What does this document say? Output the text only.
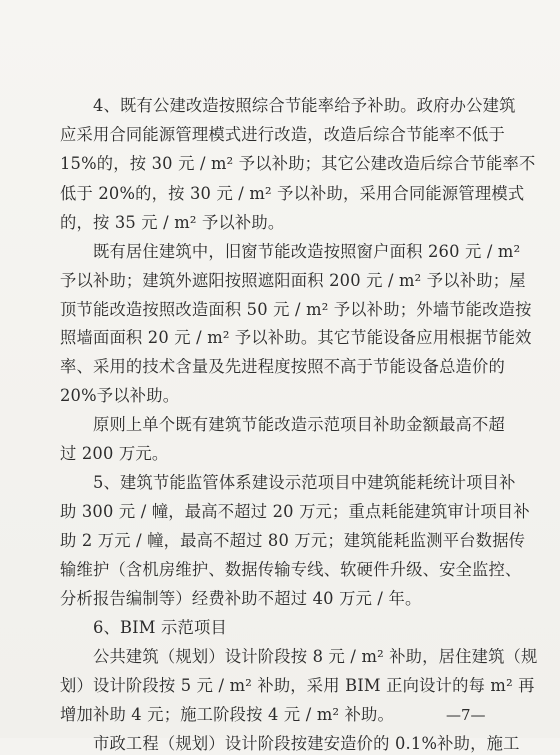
　　4、既有公建改造按照综合节能率给予补助。政府办公建筑
应采用合同能源管理模式进行改造，改造后综合节能率不低于
15%的，按 30 元 / m² 予以补助；其它公建改造后综合节能率不
低于 20%的，按 30 元 / m² 予以补助，采用合同能源管理模式
的，按 35 元 / m² 予以补助。
　　既有居住建筑中，旧窗节能改造按照窗户面积 260 元 / m²
予以补助；建筑外遮阳按照遮阳面积 200 元 / m² 予以补助；屋
顶节能改造按照改造面积 50 元 / m² 予以补助；外墙节能改造按
照墙面面积 20 元 / m² 予以补助。其它节能设备应用根据节能效
率、采用的技术含量及先进程度按照不高于节能设备总造价的
20%予以补助。
　　原则上单个既有建筑节能改造示范项目补助金额最高不超
过 200 万元。
　　5、建筑节能监管体系建设示范项目中建筑能耗统计项目补
助 300 元 / 幢，最高不超过 20 万元；重点耗能建筑审计项目补
助 2 万元 / 幢，最高不超过 80 万元；建筑能耗监测平台数据传
输维护（含机房维护、数据传输专线、软硬件升级、安全监控、
分析报告编制等）经费补助不超过 40 万元 / 年。
　　6、BIM 示范项目
　　公共建筑（规划）设计阶段按 8 元 / m² 补助，居住建筑（规
划）设计阶段按 5 元 / m² 补助，采用 BIM 正向设计的每 m² 再
增加补助 4 元；施工阶段按 4 元 / m² 补助。
　　市政工程（规划）设计阶段按建安造价的 0.1%补助，施工
—7—
